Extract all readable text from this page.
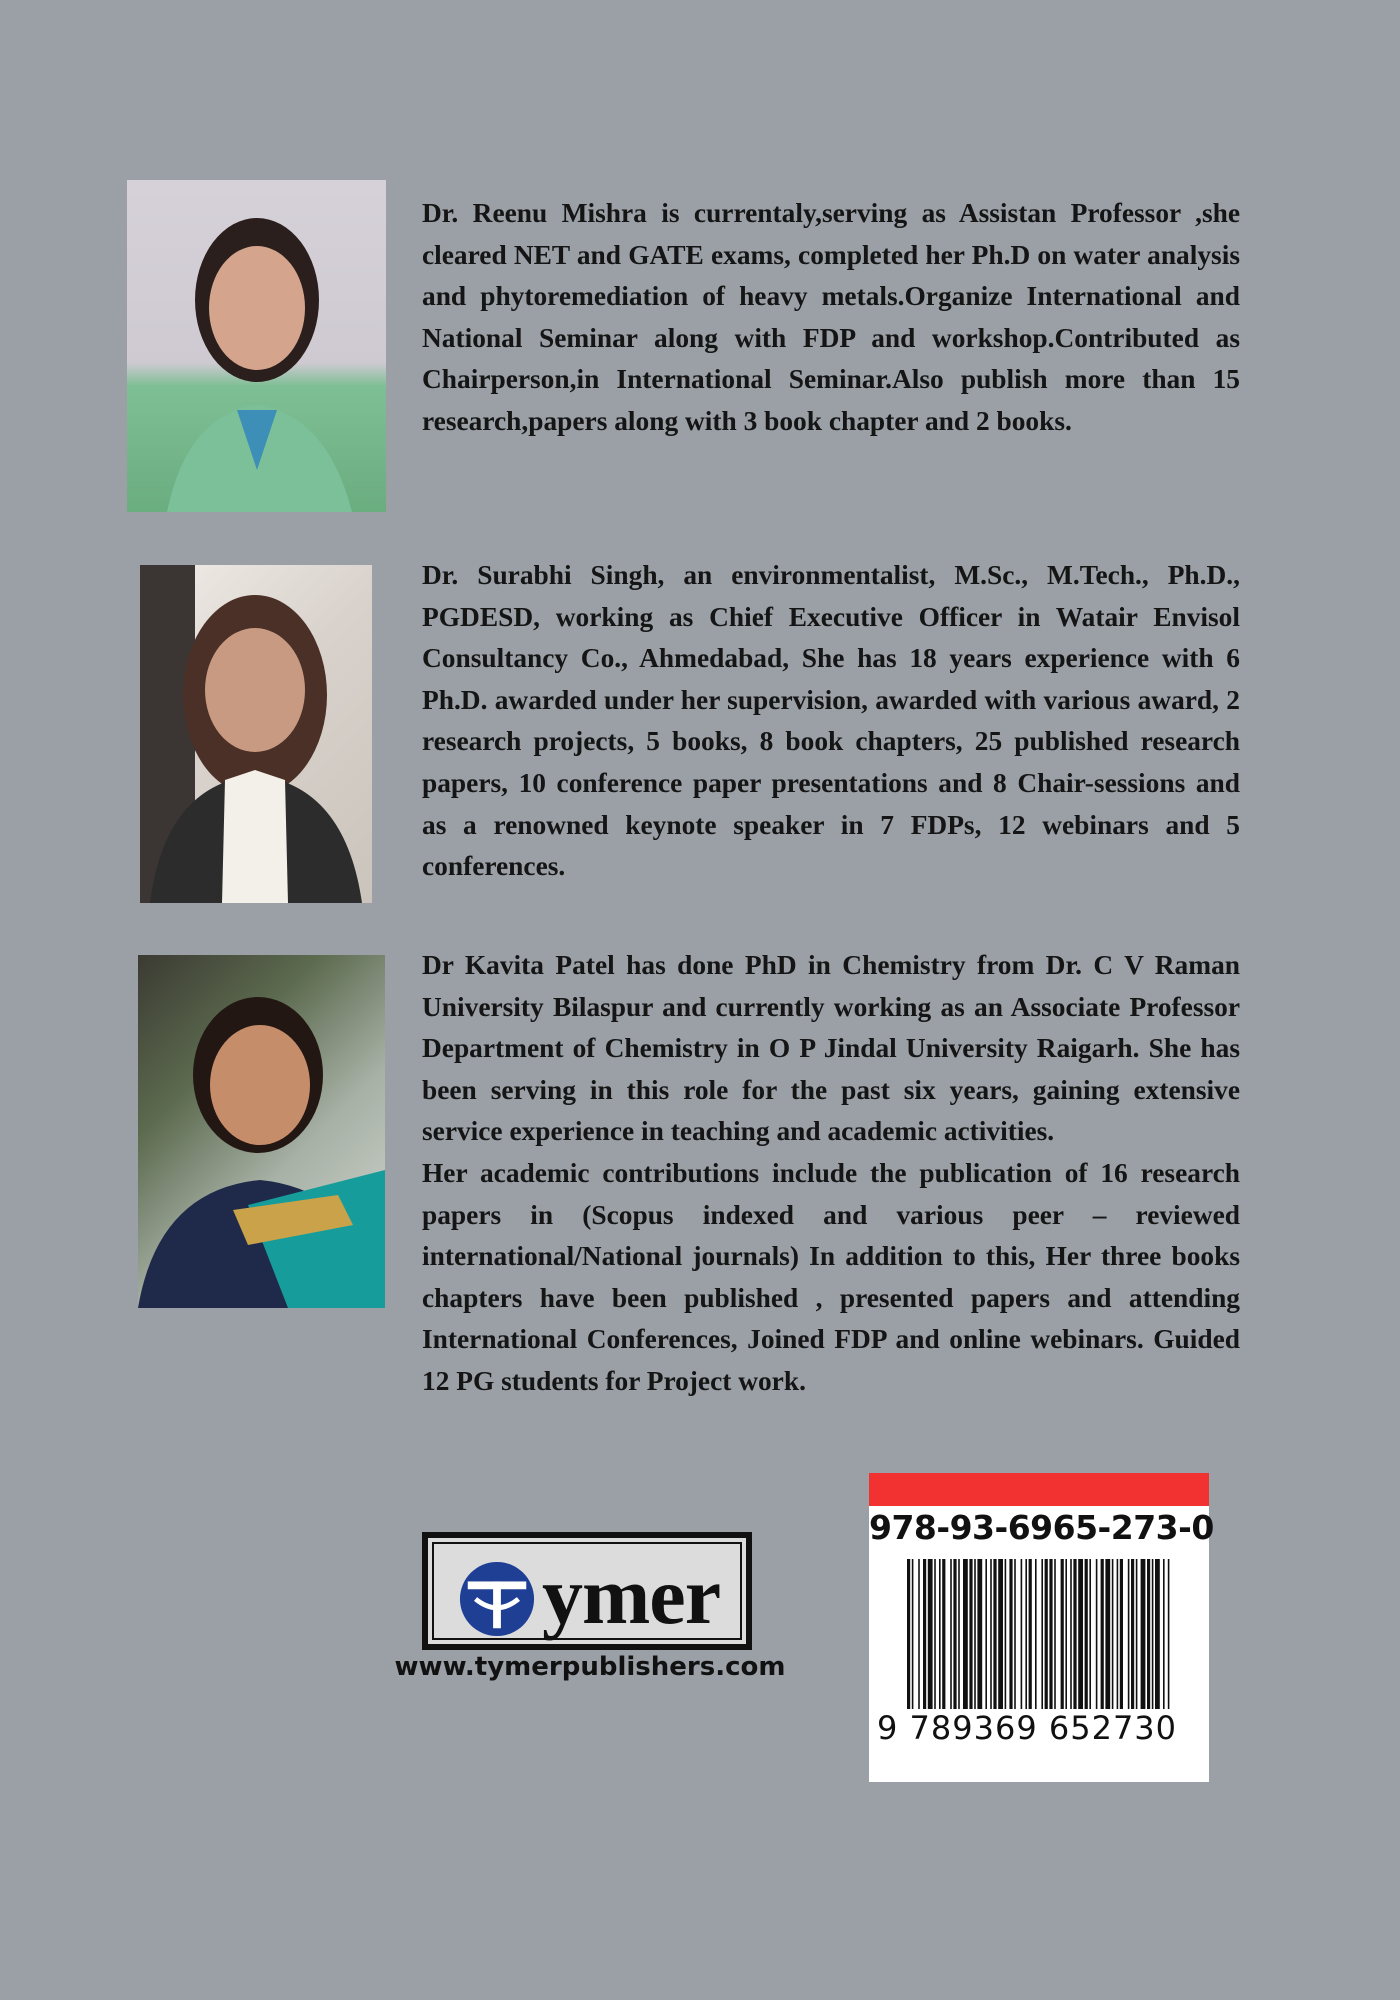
Dr. Reenu Mishra is currentaly,serving as Assistan Professor ,she cleared NET and GATE exams, completed her Ph.D on water analysis and phytoremediation of heavy metals.Organize International and National Seminar along with FDP and workshop.Contributed as Chairperson,in International Seminar.Also publish more than 15 research,papers along with 3 book chapter and 2 books.

Dr. Surabhi Singh, an environmentalist, M.Sc., M.Tech., Ph.D., PGDESD, working as Chief Executive Officer in Watair Envisol Consultancy Co., Ahmedabad, She has 18 years experience with 6 Ph.D. awarded under her supervision, awarded with various award, 2 research projects, 5 books, 8 book chapters, 25 published research papers, 10 conference paper presentations and 8 Chair-sessions and as a renowned keynote speaker in 7 FDPs, 12 webinars and 5 conferences.

Dr Kavita Patel has done PhD in Chemistry from Dr. C V Raman University Bilaspur and currently working as an Associate Professor Department of Chemistry in O P Jindal University Raigarh. She has been serving in this role for the past six years, gaining extensive service experience in teaching and academic activities.

Her academic contributions include the publication of 16 research papers in (Scopus indexed and various peer – reviewed international/National journals) In addition to this, Her three books chapters have been published , presented papers and attending International Conferences, Joined FDP and online webinars. Guided 12 PG students for Project work.

ymer
www.tymerpublishers.com
978-93-6965-273-0
9 789369 652730
